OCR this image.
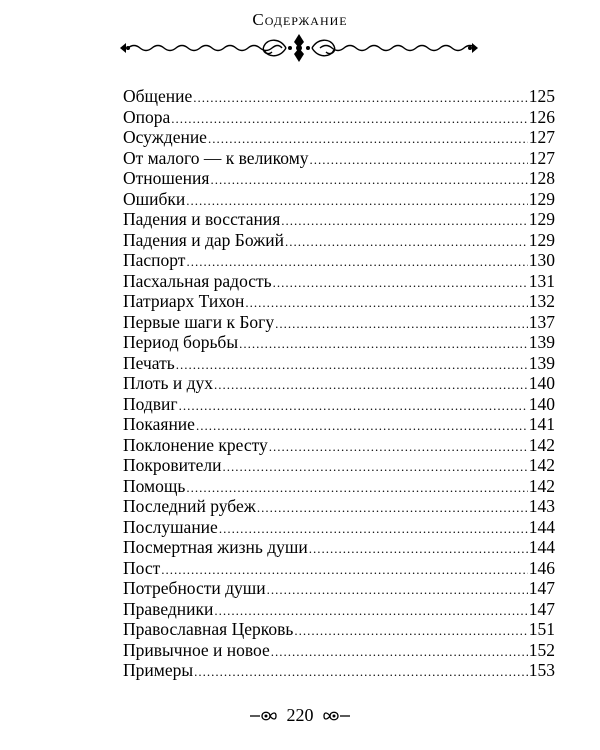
Содержание
Общение .....	125
Опора .....	126
Осуждение .....	127
От малого — к великому .....	127
Отношения .....	128
Ошибки .....	129
Падения и восстания .....	129
Падения и дар Божий .....	129
Паспорт .....	130
Пасхальная радость .....	131
Патриарх Тихон .....	132
Первые шаги к Богу .....	137
Период борьбы .....	139
Печать .....	139
Плоть и дух .....	140
Подвиг .....	140
Покаяние .....	141
Поклонение кресту .....	142
Покровители .....	142
Помощь .....	142
Последний рубеж .....	143
Послушание .....	144
Посмертная жизнь души .....	144
Пост .....	146
Потребности души .....	147
Праведники .....	147
Православная Церковь .....	151
Привычное и новое .....	152
Примеры .....	153
220
